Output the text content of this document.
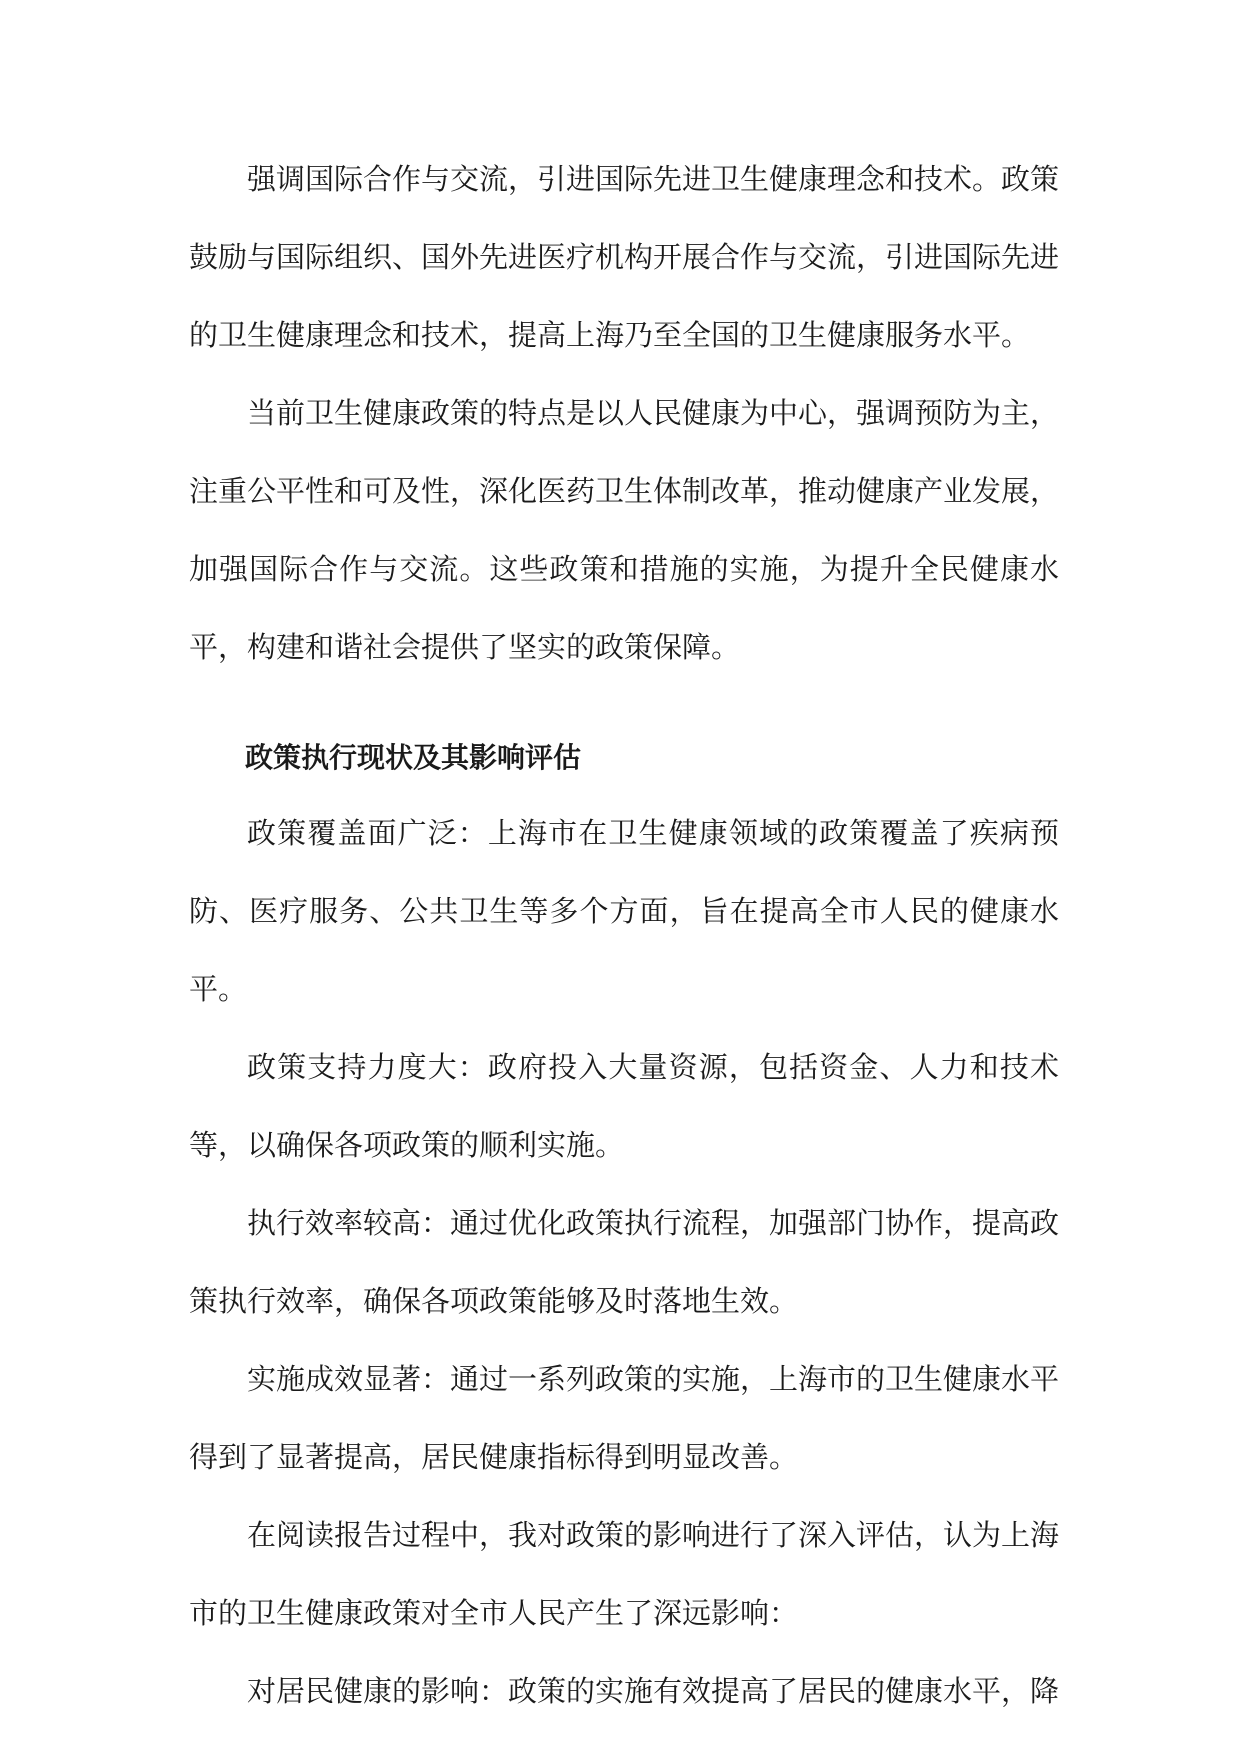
强调国际合作与交流，引进国际先进卫生健康理念和技术。政策鼓励与国际组织、国外先进医疗机构开展合作与交流，引进国际先进的卫生健康理念和技术，提高上海乃至全国的卫生健康服务水平。

当前卫生健康政策的特点是以人民健康为中心，强调预防为主，注重公平性和可及性，深化医药卫生体制改革，推动健康产业发展，加强国际合作与交流。这些政策和措施的实施，为提升全民健康水平，构建和谐社会提供了坚实的政策保障。

政策执行现状及其影响评估

政策覆盖面广泛：上海市在卫生健康领域的政策覆盖了疾病预防、医疗服务、公共卫生等多个方面，旨在提高全市人民的健康水平。

政策支持力度大：政府投入大量资源，包括资金、人力和技术等，以确保各项政策的顺利实施。

执行效率较高：通过优化政策执行流程，加强部门协作，提高政策执行效率，确保各项政策能够及时落地生效。

实施成效显著：通过一系列政策的实施，上海市的卫生健康水平得到了显著提高，居民健康指标得到明显改善。

在阅读报告过程中，我对政策的影响进行了深入评估，认为上海市的卫生健康政策对全市人民产生了深远影响：

对居民健康的影响：政策的实施有效提高了居民的健康水平，降
